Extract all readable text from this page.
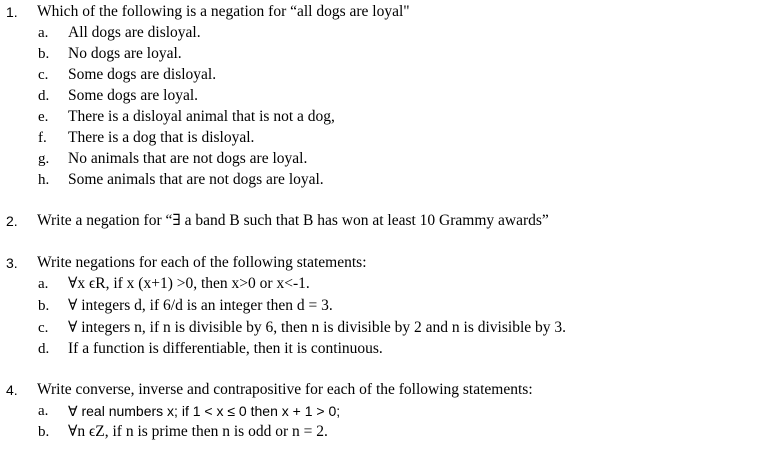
1. Which of the following is a negation for “all dogs are loyal"
a. All dogs are disloyal.
b. No dogs are loyal.
c. Some dogs are disloyal.
d. Some dogs are loyal.
e. There is a disloyal animal that is not a dog,
f. There is a dog that is disloyal.
g. No animals that are not dogs are loyal.
h. Some animals that are not dogs are loyal.
2. Write a negation for “∃ a band B such that B has won at least 10 Grammy awards”
3. Write negations for each of the following statements:
a. ∀x ϵR, if x (x+1) >0, then x>0 or x<-1.
b. ∀ integers d, if 6/d is an integer then d = 3.
c. ∀ integers n, if n is divisible by 6, then n is divisible by 2 and n is divisible by 3.
d. If a function is differentiable, then it is continuous.
4. Write converse, inverse and contrapositive for each of the following statements:
a. ∀ real numbers x; if 1 < x ≤ 0 then x + 1 > 0;
b. ∀n ϵZ, if n is prime then n is odd or n = 2.
